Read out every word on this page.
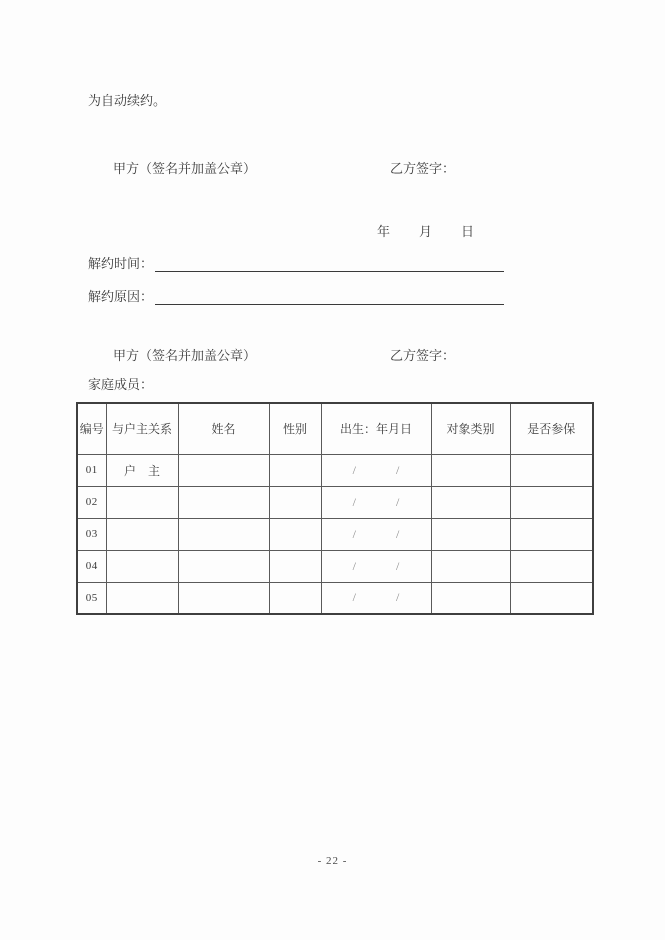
为自动续约。
甲方（签名并加盖公章）	乙方签字：
年 月 日
解约时间：
解约原因：
甲方（签名并加盖公章）	乙方签字：
家庭成员：
编号	与户主关系	姓名	性别	出生：年月日	对象类别	是否参保
01	户　主			/ /		

02				/ /		

03				/ /		

04				/ /		

05				/ /		

- 22 -
